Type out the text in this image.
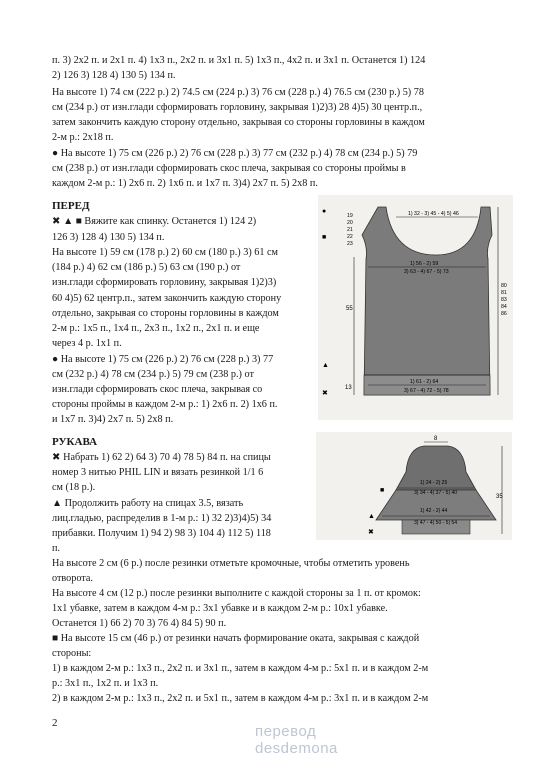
п. 3) 2х2 п. и 2х1 п. 4) 1х3 п., 2х2 п. и 3х1 п. 5) 1х3 п., 4х2 п. и 3х1 п. Останется 1) 124
2) 126 3) 128 4) 130 5) 134 п.
На высоте 1) 74 см (222 р.) 2) 74.5 см (224 р.) 3) 76 см (228 р.) 4) 76.5 см (230 р.) 5) 78
см (234 р.) от изн.глади сформировать горловину, закрывая 1)2)3) 28 4)5) 30 центр.п.,
затем закончить каждую сторону отдельно, закрывая со стороны горловины в каждом
2-м р.: 2х18 п.
● На высоте 1) 75 см (226 р.) 2) 76 см (228 р.) 3) 77 см (232 р.) 4) 78 см (234 р.) 5) 79
см (238 р.) от изн.глади сформировать скос плеча, закрывая со стороны проймы в
каждом 2-м р.: 1) 2х6 п. 2) 1х6 п. и 1х7 п. 3)4) 2х7 п. 5) 2х8 п.
ПЕРЕД
✖ ▲ ■ Вяжите как спинку. Останется 1) 124 2)
126 3) 128 4) 130 5) 134 п.
На высоте 1) 59 см (178 р.) 2) 60 см (180 р.) 3) 61 см
(184 р.) 4) 62 см (186 р.) 5) 63 см (190 р.) от
изн.глади сформировать горловину, закрывая 1)2)3)
60 4)5) 62 центр.п., затем закончить каждую сторону
отдельно, закрывая со стороны горловины в каждом
2-м р.: 1х5 п., 1х4 п., 2х3 п., 1х2 п., 2х1 п. и еще
через 4 р. 1х1 п.
● На высоте 1) 75 см (226 р.) 2) 76 см (228 р.) 3) 77
см (232 р.) 4) 78 см (234 р.) 5) 79 см (238 р.) от
изн.глади сформировать скос плеча, закрывая со
стороны проймы в каждом 2-м р.: 1) 2х6 п. 2) 1х6 п.
и 1х7 п. 3)4) 2х7 п. 5) 2х8 п.
1) 32 - 3) 45 - 4) 5) 46
19
20
21
22
23
1) 56 - 2) 59
3) 63 - 4) 67 - 5) 73
80
81
83
84
86
55
13
1) 61 - 2) 64
3) 67 - 4) 72 - 5) 78
■
●
▲
✖
РУКАВА
✖ Набрать 1) 62 2) 64 3) 70 4) 78 5) 84 п. на спицы
номер 3 нитью PHIL LIN и вязать резинкой 1/1 6
см (18 р.).
▲ Продолжить работу на спицах 3.5, вязать
лиц.гладью, распределив в 1-м р.: 1) 32 2)3)4)5) 34
прибавки. Получим 1) 94 2) 98 3) 104 4) 112 5) 118
п.
8
1) 24 - 2) 25
3) 34 - 4) 37 - 5) 40
1) 42 - 2) 44
3) 47 - 4) 50 - 5) 54
35
■
▲
✖
На высоте 2 см (6 р.) после резинки отметьте кромочные, чтобы отметить уровень
отворота.
На высоте 4 см (12 р.) после резинки выполните с каждой стороны за 1 п. от кромок:
1х1 убавке, затем в каждом 4-м р.: 3х1 убавке и в каждом 2-м р.: 10х1 убавке.
Останется 1) 66 2) 70 3) 76 4) 84 5) 90 п.
■ На высоте 15 см (46 р.) от резинки начать формирование оката, закрывая с каждой
стороны:
1) в каждом 2-м р.: 1х3 п., 2х2 п. и 3х1 п., затем в каждом 4-м р.: 5х1 п. и в каждом 2-м
р.: 3х1 п., 1х2 п. и 1х3 п.
2) в каждом 2-м р.: 1х3 п., 2х2 п. и 5х1 п., затем в каждом 4-м р.: 3х1 п. и в каждом 2-м
2	перевод
desdemona
